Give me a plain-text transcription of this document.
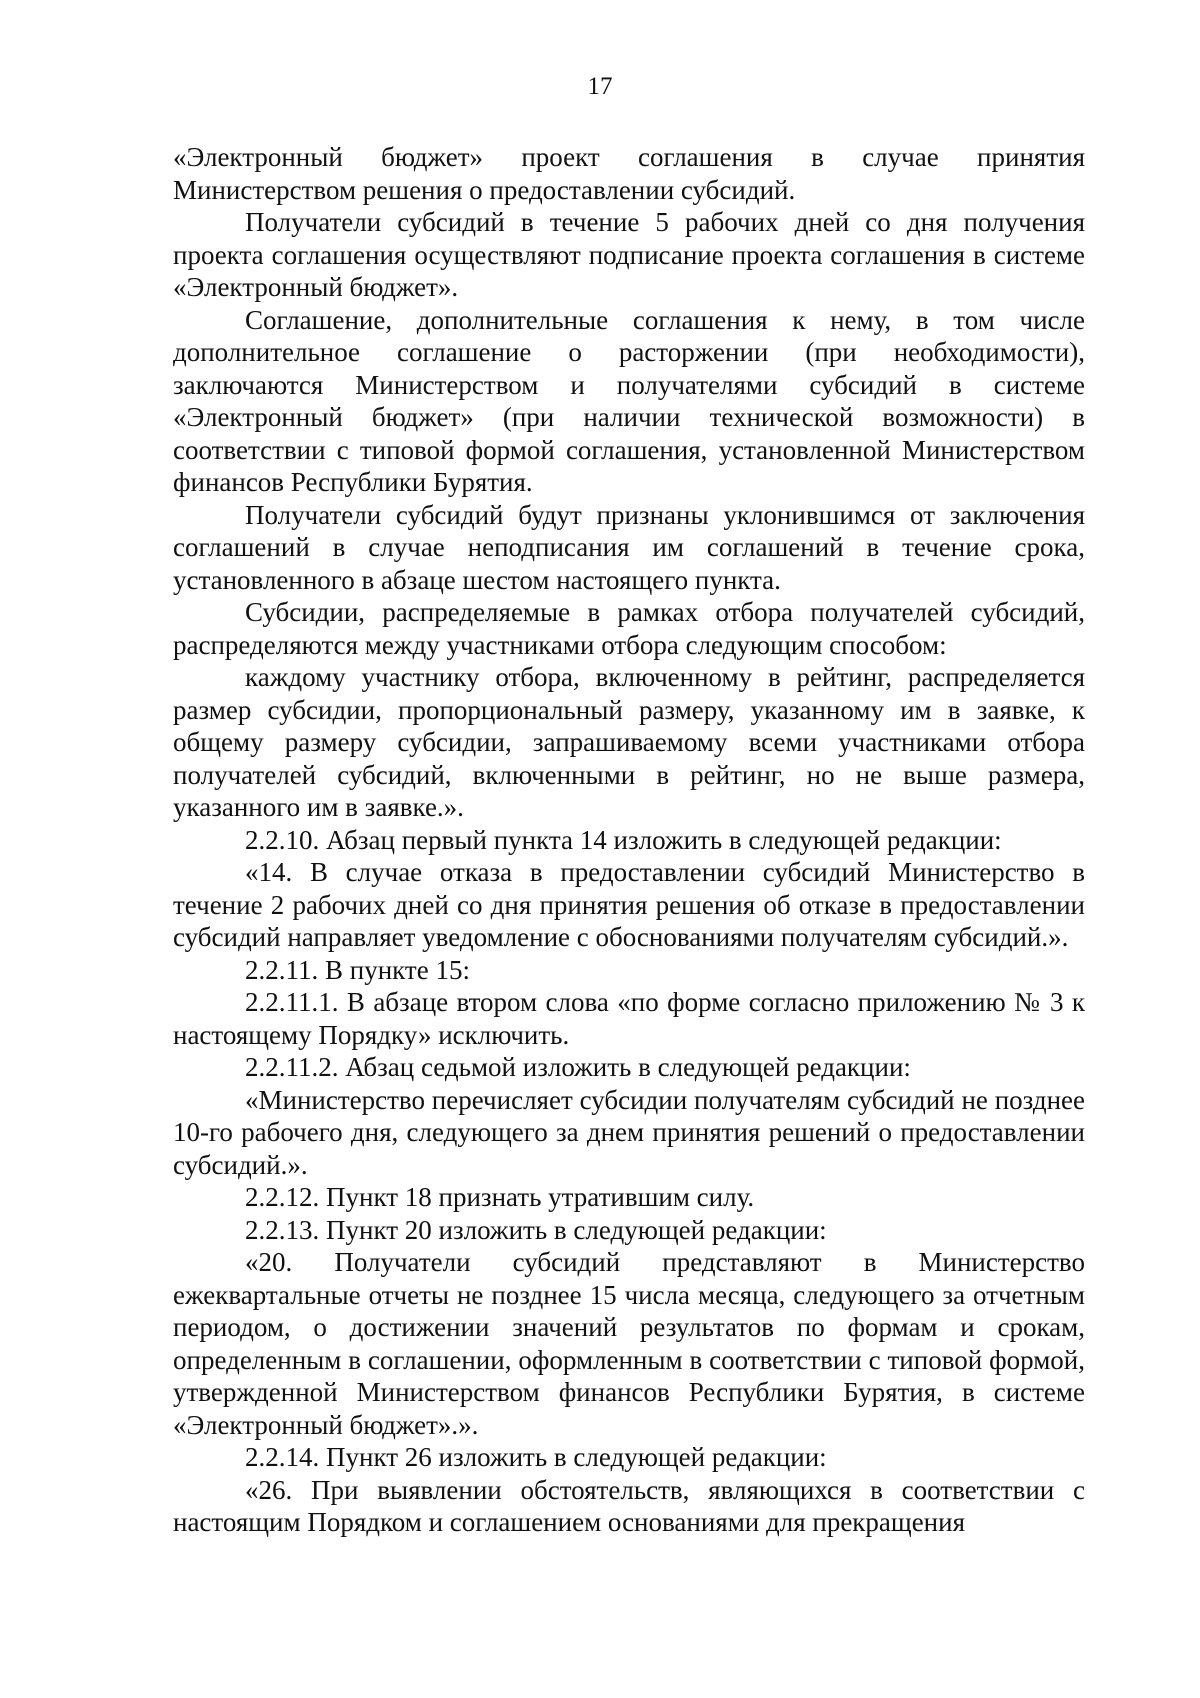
17

«Электронный бюджет» проект соглашения в случае принятия Министерством решения о предоставлении субсидий.

Получатели субсидий в течение 5 рабочих дней со дня получения проекта соглашения осуществляют подписание проекта соглашения в системе «Электронный бюджет».

Соглашение, дополнительные соглашения к нему, в том числе дополнительное соглашение о расторжении (при необходимости), заключаются Министерством и получателями субсидий в системе «Электронный бюджет» (при наличии технической возможности) в соответствии с типовой формой соглашения, установленной Министерством финансов Республики Бурятия.

Получатели субсидий будут признаны уклонившимся от заключения соглашений в случае неподписания им соглашений в течение срока, установленного в абзаце шестом настоящего пункта.

Субсидии, распределяемые в рамках отбора получателей субсидий, распределяются между участниками отбора следующим способом:

каждому участнику отбора, включенному в рейтинг, распределяется размер субсидии, пропорциональный размеру, указанному им в заявке, к общему размеру субсидии, запрашиваемому всеми участниками отбора получателей субсидий, включенными в рейтинг, но не выше размера, указанного им в заявке.».

2.2.10. Абзац первый пункта 14 изложить в следующей редакции:

«14. В случае отказа в предоставлении субсидий Министерство в течение 2 рабочих дней со дня принятия решения об отказе в предоставлении субсидий направляет уведомление с обоснованиями получателям субсидий.».

2.2.11. В пункте 15:

2.2.11.1. В абзаце втором слова «по форме согласно приложению № 3 к настоящему Порядку» исключить.

2.2.11.2. Абзац седьмой изложить в следующей редакции:

«Министерство перечисляет субсидии получателям субсидий не позднее 10-го рабочего дня, следующего за днем принятия решений о предоставлении субсидий.».

2.2.12. Пункт 18 признать утратившим силу.

2.2.13. Пункт 20 изложить в следующей редакции:

«20. Получатели субсидий представляют в Министерство ежеквартальные отчеты не позднее 15 числа месяца, следующего за отчетным периодом, о достижении значений результатов по формам и срокам, определенным в соглашении, оформленным в соответствии с типовой формой, утвержденной Министерством финансов Республики Бурятия, в системе «Электронный бюджет».».

2.2.14. Пункт 26 изложить в следующей редакции:

«26. При выявлении обстоятельств, являющихся в соответствии с настоящим Порядком и соглашением основаниями для прекращения
